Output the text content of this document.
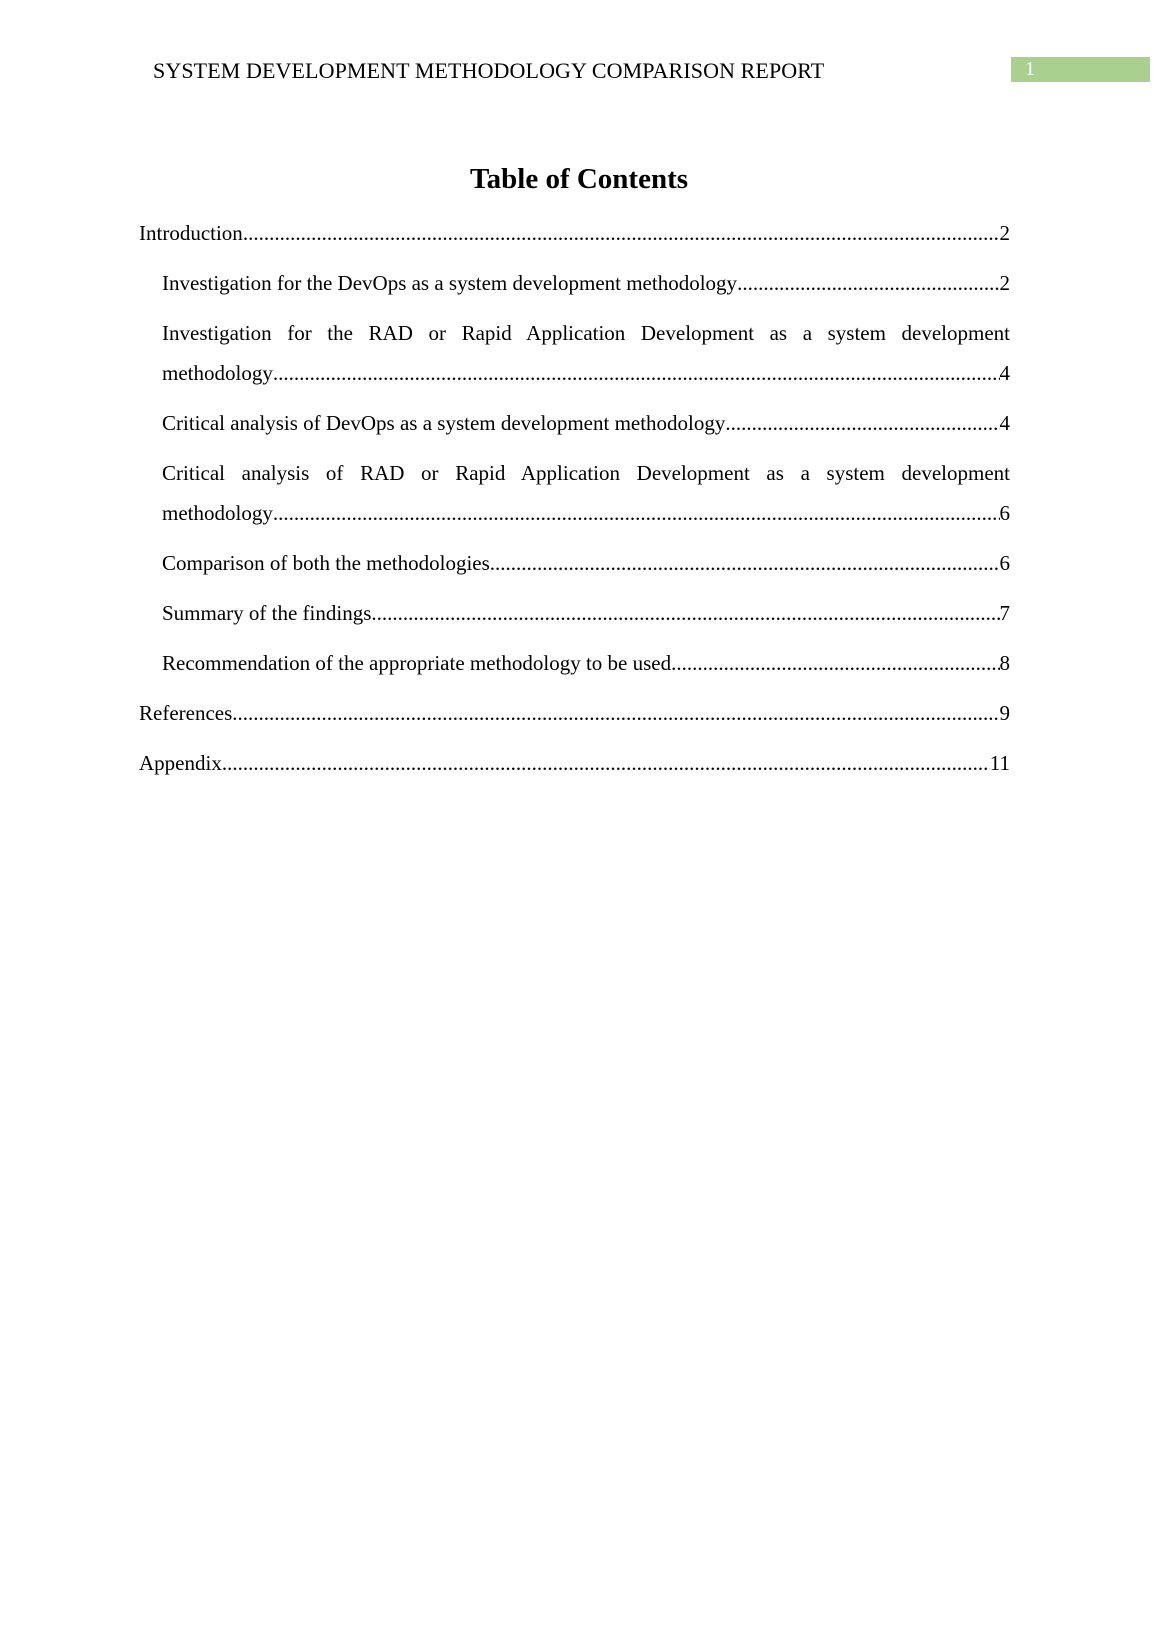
SYSTEM DEVELOPMENT METHODOLOGY COMPARISON REPORT	1
Table of Contents
Introduction .....	2
Investigation for the DevOps as a system development methodology .....	2
Investigation for the RAD or Rapid Application Development as a system development
methodology .....	4
Critical analysis of DevOps as a system development methodology .....	4
Critical analysis of RAD or Rapid Application Development as a system development
methodology .....	6
Comparison of both the methodologies .....	6
Summary of the findings .....	7
Recommendation of the appropriate methodology to be used .....	8
References .....	9
Appendix .....	11
